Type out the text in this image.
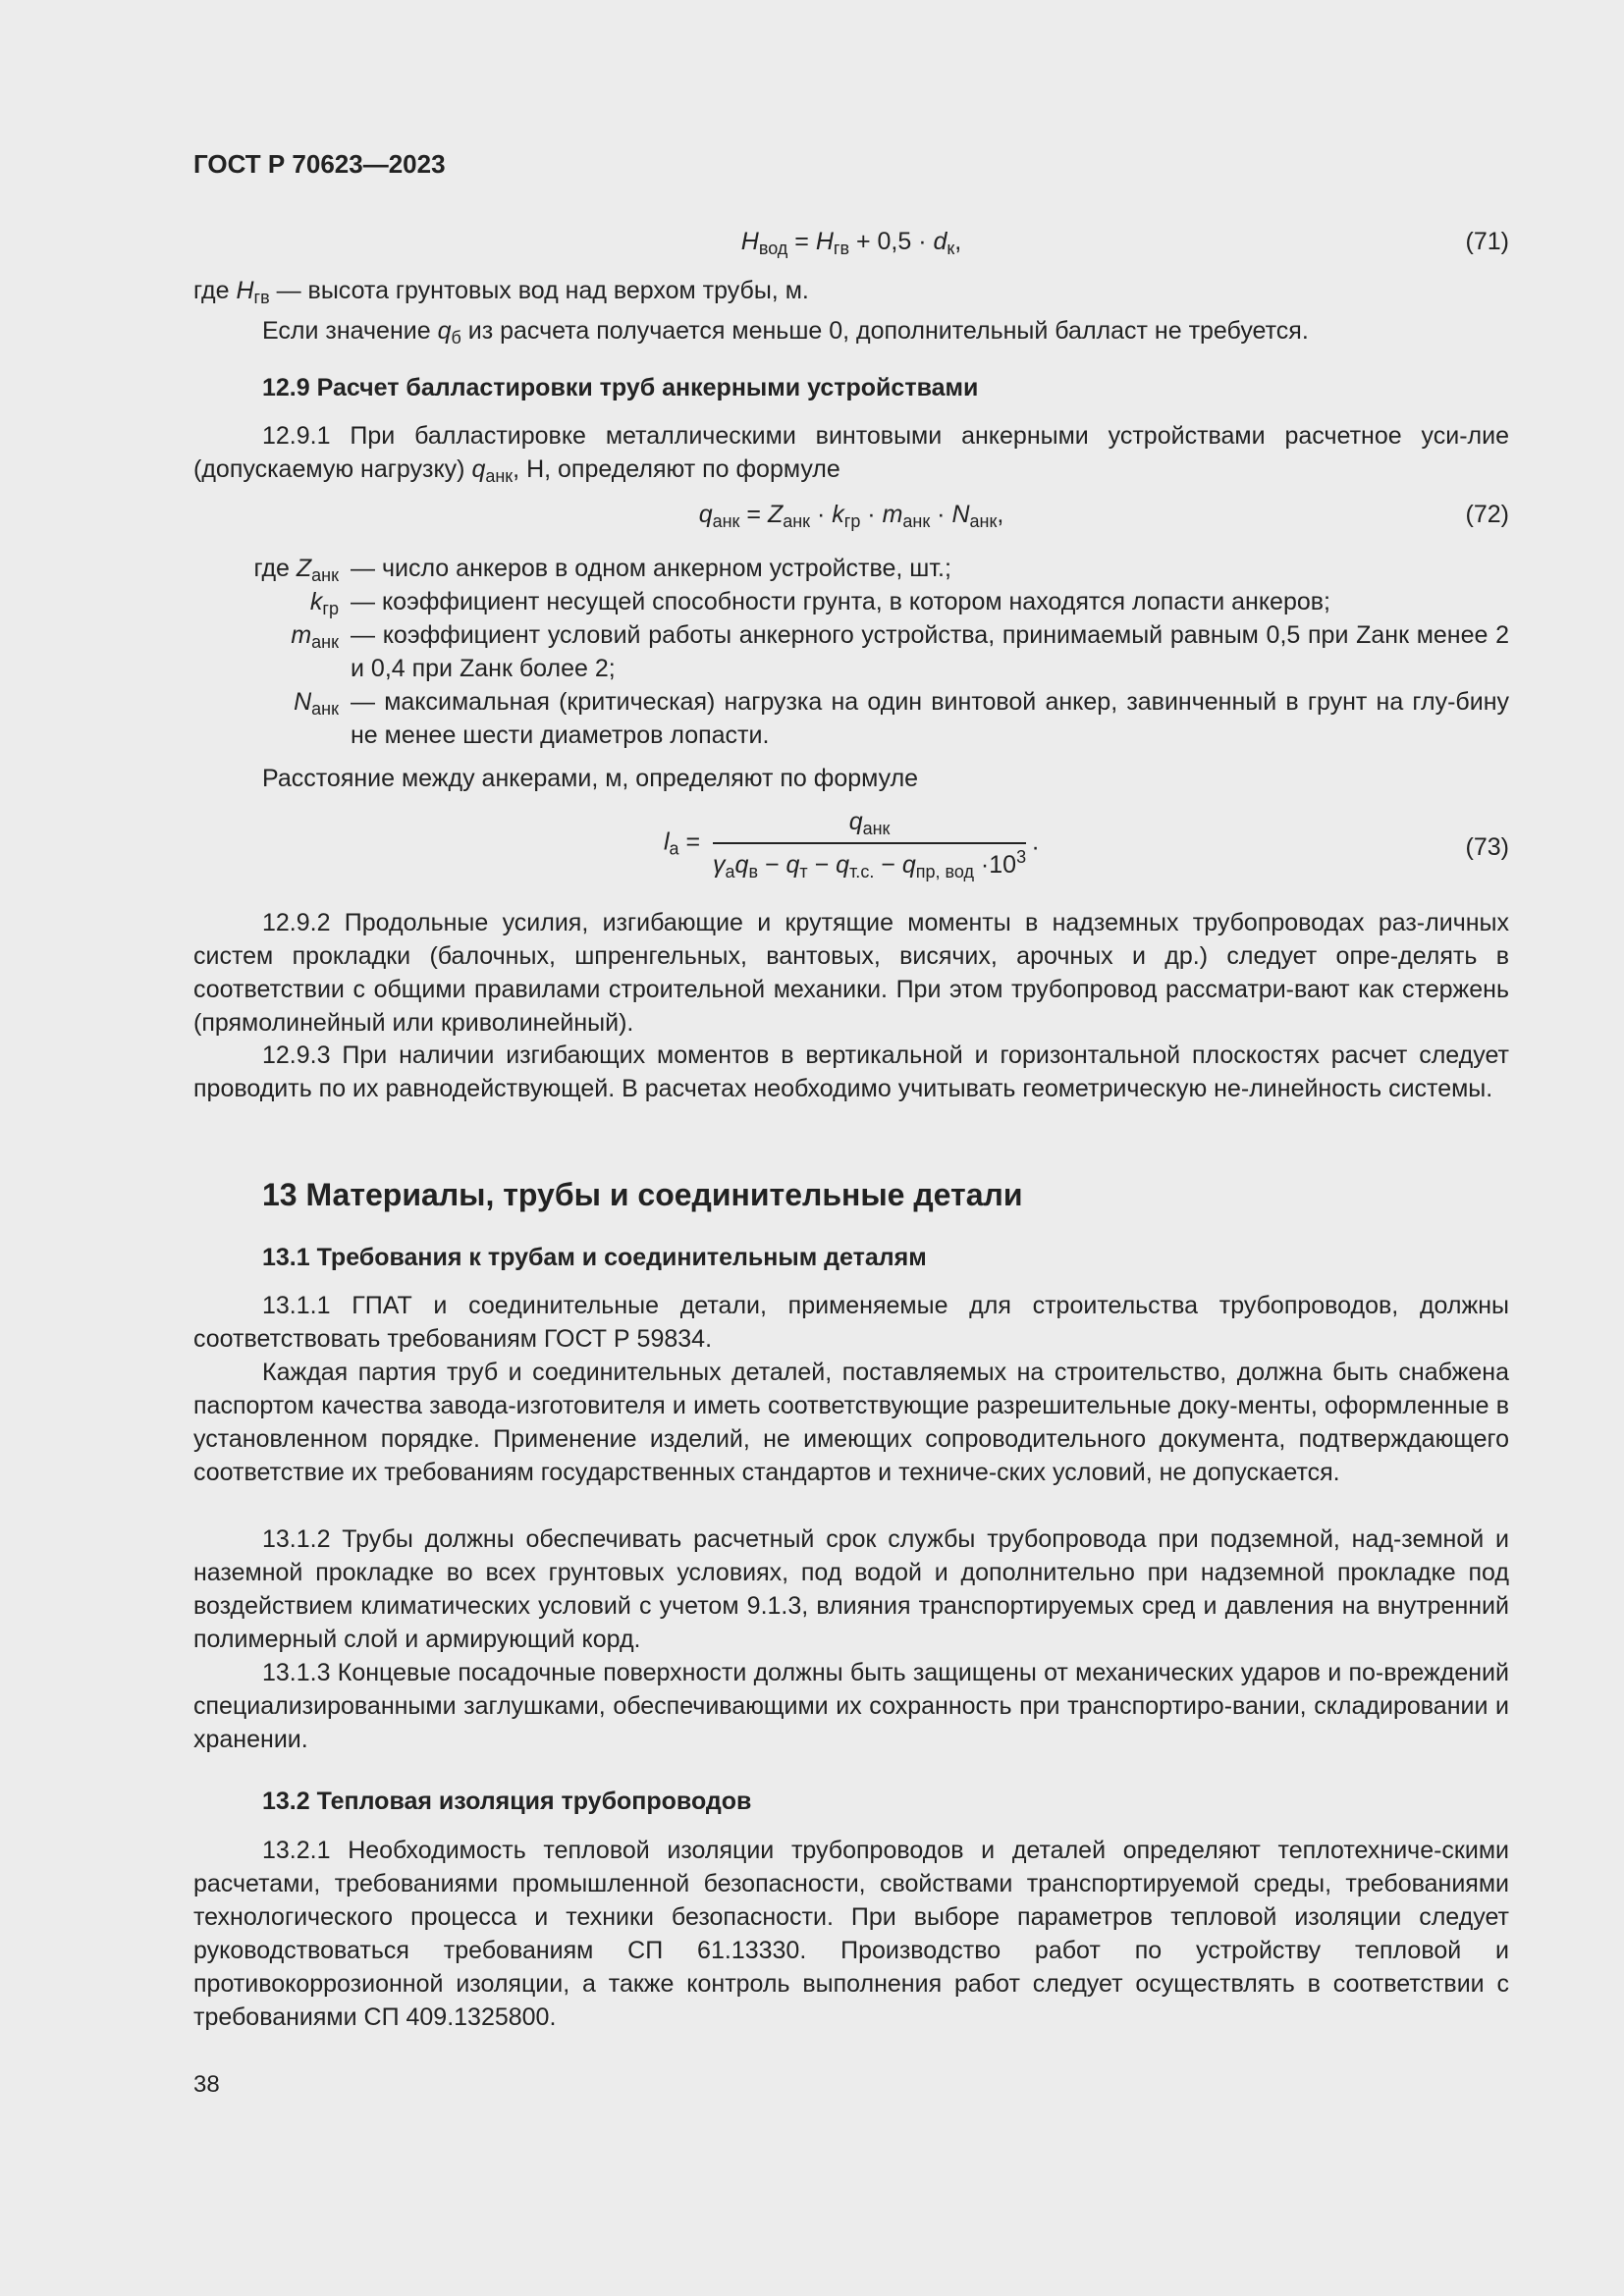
ГОСТ Р 70623—2023
$H_{вод} = H_{гв} + 0,5 \cdot d_к$,	(71)
где $H_{гв}$ — высота грунтовых вод над верхом трубы, м.
Если значение $q_б$ из расчета получается меньше 0, дополнительный балласт не требуется.
12.9 Расчет балластировки труб анкерными устройствами
12.9.1 При балластировке металлическими винтовыми анкерными устройствами расчетное уси-лие (допускаемую нагрузку) $q_{анк}$, Н, определяют по формуле
$q_{анк} = Z_{анк} \cdot k_{гр} \cdot m_{анк} \cdot N_{анк}$,	(72)
где $Z_{анк}$ — число анкеров в одном анкерном устройстве, шт.;
$k_{гр}$ — коэффициент несущей способности грунта, в котором находятся лопасти анкеров;
$m_{анк}$ — коэффициент условий работы анкерного устройства, принимаемый равным 0,5 при Zанк менее 2 и 0,4 при Zанк более 2;
$N_{анк}$ — максимальная (критическая) нагрузка на один винтовой анкер, завинченный в грунт на глу-бину не менее шести диаметров лопасти.
Расстояние между анкерами, м, определяют по формуле
$l_a = \frac{q_{анк}}{\gamma_aq_в - q_т - q_{т.с.} - q_{пр, вод} \cdot 10^3}$ .	(73)
12.9.2 Продольные усилия, изгибающие и крутящие моменты в надземных трубопроводах раз-личных систем прокладки (балочных, шпренгельных, вантовых, висячих, арочных и др.) следует опре-делять в соответствии с общими правилами строительной механики. При этом трубопровод рассматри-вают как стержень (прямолинейный или криволинейный).
12.9.3 При наличии изгибающих моментов в вертикальной и горизонтальной плоскостях расчет следует проводить по их равнодействующей. В расчетах необходимо учитывать геометрическую не-линейность системы.
13 Материалы, трубы и соединительные детали
13.1 Требования к трубам и соединительным деталям
13.1.1 ГПАТ и соединительные детали, применяемые для строительства трубопроводов, должны соответствовать требованиям ГОСТ Р 59834.
Каждая партия труб и соединительных деталей, поставляемых на строительство, должна быть снабжена паспортом качества завода-изготовителя и иметь соответствующие разрешительные доку-менты, оформленные в установленном порядке. Применение изделий, не имеющих сопроводительного документа, подтверждающего соответствие их требованиям государственных стандартов и техниче-ских условий, не допускается.
13.1.2 Трубы должны обеспечивать расчетный срок службы трубопровода при подземной, над-земной и наземной прокладке во всех грунтовых условиях, под водой и дополнительно при надземной прокладке под воздействием климатических условий с учетом 9.1.3, влияния транспортируемых сред и давления на внутренний полимерный слой и армирующий корд.
13.1.3 Концевые посадочные поверхности должны быть защищены от механических ударов и по-вреждений специализированными заглушками, обеспечивающими их сохранность при транспортиро-вании, складировании и хранении.
13.2 Тепловая изоляция трубопроводов
13.2.1 Необходимость тепловой изоляции трубопроводов и деталей определяют теплотехниче-скими расчетами, требованиями промышленной безопасности, свойствами транспортируемой среды, требованиями технологического процесса и техники безопасности. При выборе параметров тепловой изоляции следует руководствоваться требованиям СП 61.13330. Производство работ по устройству тепловой и противокоррозионной изоляции, а также контроль выполнения работ следует осуществлять в соответствии с требованиями СП 409.1325800.
38
